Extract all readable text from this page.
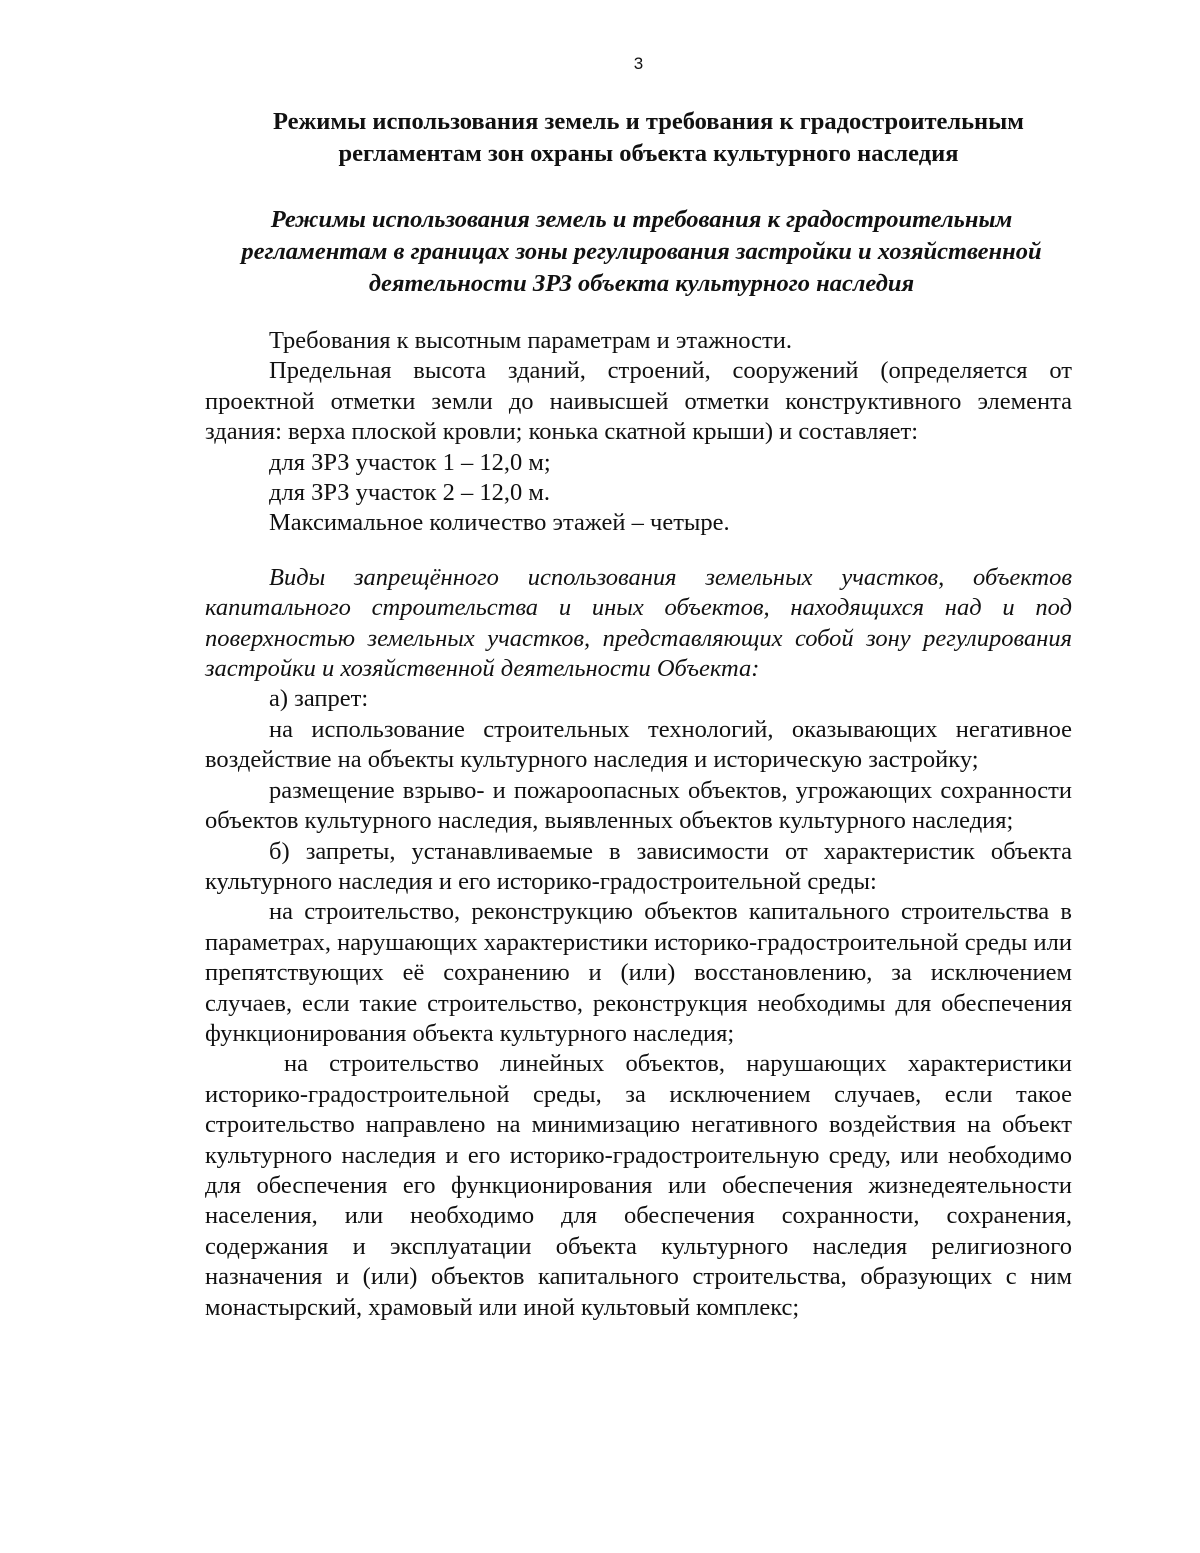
3
Режимы использования земель и требования к градостроительным
регламентам зон охраны объекта культурного наследия
Режимы использования земель и требования к градостроительным
регламентам в границах зоны регулирования застройки и хозяйственной
деятельности ЗРЗ объекта культурного наследия

Требования к высотным параметрам и этажности.

Предельная высота зданий, строений, сооружений (определяется от проектной отметки земли до наивысшей отметки конструктивного элемента здания: верха плоской кровли; конька скатной крыши) и составляет:

для ЗРЗ участок 1 – 12,0 м;

для ЗРЗ участок 2 – 12,0 м.

Максимальное количество этажей – четыре.

Виды запрещённого использования земельных участков, объектов капитального строительства и иных объектов, находящихся над и под поверхностью земельных участков, представляющих собой зону регулирования застройки и хозяйственной деятельности Объекта:

а) запрет:

на использование строительных технологий, оказывающих негативное воздействие на объекты культурного наследия и историческую застройку;

размещение взрыво- и пожароопасных объектов, угрожающих сохранности объектов культурного наследия, выявленных объектов культурного наследия;

б) запреты, устанавливаемые в зависимости от характеристик объекта культурного наследия и его историко-градостроительной среды:

на строительство, реконструкцию объектов капитального строительства в параметрах, нарушающих характеристики историко-градостроительной среды или препятствующих её сохранению и (или) восстановлению, за исключением случаев, если такие строительство, реконструкция необходимы для обеспечения функционирования объекта культурного наследия;

на строительство линейных объектов, нарушающих характеристики историко-градостроительной среды, за исключением случаев, если такое строительство направлено на минимизацию негативного воздействия на объект культурного наследия и его историко-градостроительную среду, или необходимо для обеспечения его функционирования или обеспечения жизнедеятельности населения, или необходимо для обеспечения сохранности, сохранения, содержания и эксплуатации объекта культурного наследия религиозного назначения и (или) объектов капитального строительства, образующих с ним монастырский, храмовый или иной культовый комплекс;
